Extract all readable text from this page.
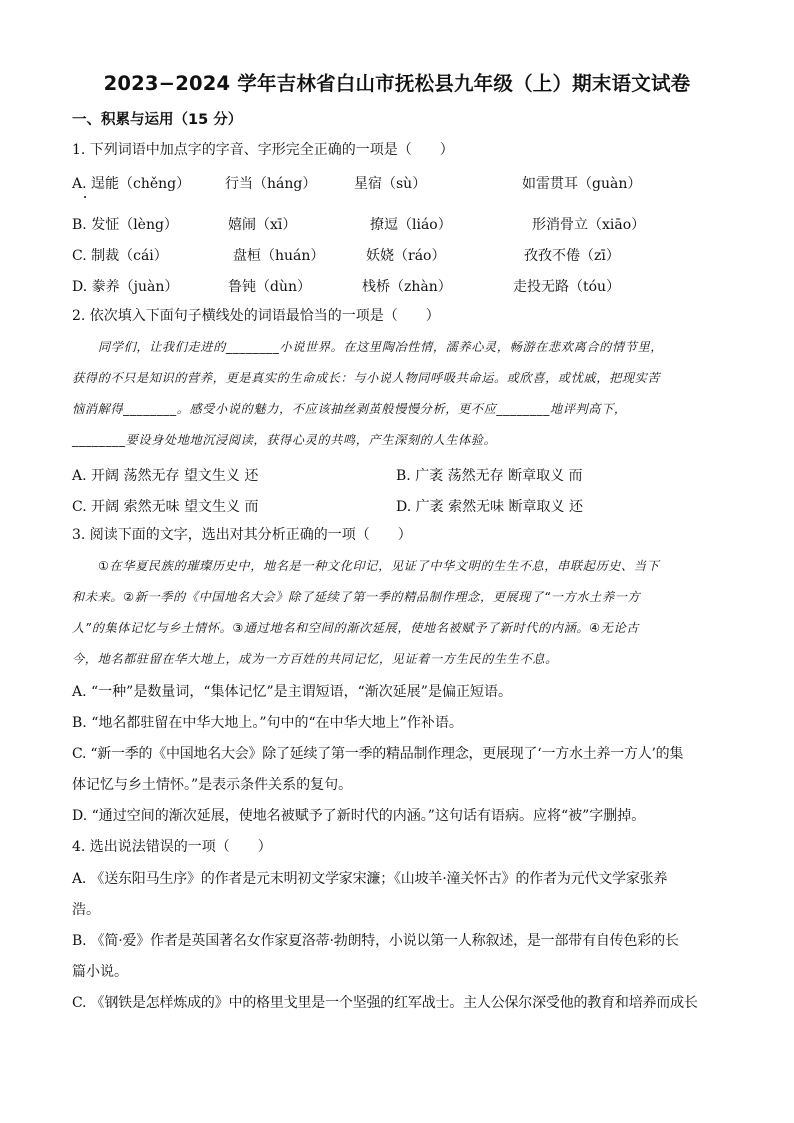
2023−2024 学年吉林省白山市抚松县九年级（上）期末语文试卷
一、积累与运用（15 分）
1. 下列词语中加点字的字音、字形完全正确的一项是（　　）
A. 逞能（chěng） 行当（háng）	星宿（sù）	如雷贯耳（guàn）
B. 发怔（lèng）	嬉闹（xī）	撩逗（liáo）	形消骨立（xiāo）
C. 制裁（cái）	盘桓（huán）	妖娆（ráo）	孜孜不倦（zī）
D. 豢养（juàn）	鲁钝（dùn）	栈桥（zhàn）	走投无路（tóu）
2. 依次填入下面句子横线处的词语最恰当的一项是（　　）
同学们，让我们走进的________小说世界。在这里陶冶性情，濡养心灵，畅游在悲欢离合的情节里，
获得的不只是知识的营养，更是真实的生命成长：与小说人物同呼吸共命运。或欣喜，或忧戚，把现实苦
恼消解得________。感受小说的魅力，不应该抽丝剥茧般慢慢分析，更不应________地评判高下，
________要设身处地地沉浸阅读，获得心灵的共鸣，产生深刻的人生体验。
A. 开阔 荡然无存 望文生义 还	B. 广袤 荡然无存 断章取义 而
C. 开阔 索然无味 望文生义 而	D. 广袤 索然无味 断章取义 还
3. 阅读下面的文字，选出对其分析正确的一项（　　）
①在华夏民族的璀璨历史中，地名是一种文化印记，见证了中华文明的生生不息，串联起历史、当下
和未来。②新一季的《中国地名大会》除了延续了第一季的精品制作理念，更展现了“一方水土养一方
人”的集体记忆与乡土情怀。③通过地名和空间的渐次延展，使地名被赋予了新时代的内涵。④无论古
今，地名都驻留在华大地上，成为一方百姓的共同记忆，见证着一方生民的生生不息。
A. “一种”是数量词，“集体记忆”是主谓短语，“渐次延展”是偏正短语。
B. “地名都驻留在中华大地上。”句中的“在中华大地上”作补语。
C. “新一季的《中国地名大会》除了延续了第一季的精品制作理念，更展现了‘一方水土养一方人’的集
体记忆与乡土情怀。”是表示条件关系的复句。
D. “通过空间的渐次延展，使地名被赋予了新时代的内涵。”这句话有语病。应将“被”字删掉。
4. 选出说法错误的一项（　　）
A. 《送东阳马生序》的作者是元末明初文学家宋濂；《山坡羊·潼关怀古》的作者为元代文学家张养
浩。
B. 《简·爱》作者是英国著名女作家夏洛蒂·勃朗特，小说以第一人称叙述，是一部带有自传色彩的长
篇小说。
C. 《钢铁是怎样炼成的》中的格里戈里是一个坚强的红军战士。主人公保尔深受他的教育和培养而成长
